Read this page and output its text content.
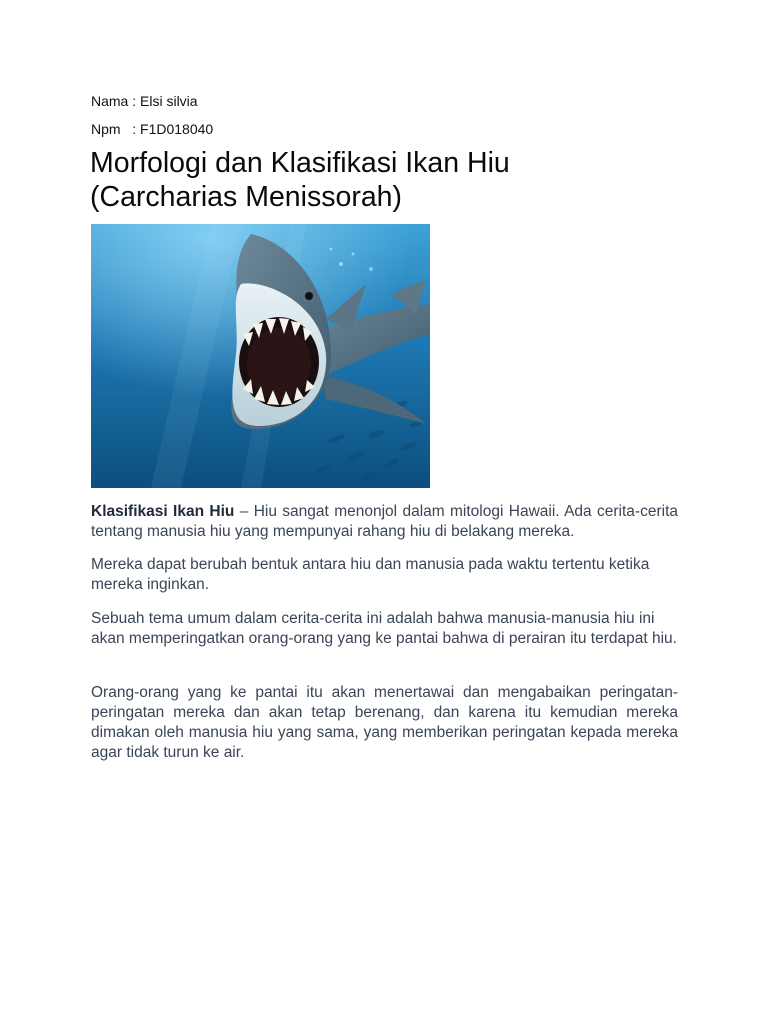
Nama : Elsi silvia
Npm : F1D018040
Morfologi dan Klasifikasi Ikan Hiu
(Carcharias Menissorah)

Klasifikasi Ikan Hiu – Hiu sangat menonjol dalam mitologi Hawaii. Ada cerita-cerita tentang manusia hiu yang mempunyai rahang hiu di belakang mereka.

Mereka dapat berubah bentuk antara hiu dan manusia pada waktu tertentu ketika mereka inginkan.

Sebuah tema umum dalam cerita-cerita ini adalah bahwa manusia-manusia hiu ini akan memperingatkan orang-orang yang ke pantai bahwa di perairan itu terdapat hiu.

Orang-orang yang ke pantai itu akan menertawai dan mengabaikan peringatan-peringatan mereka dan akan tetap berenang, dan karena itu kemudian mereka dimakan oleh manusia hiu yang sama, yang memberikan peringatan kepada mereka agar tidak turun ke air.
